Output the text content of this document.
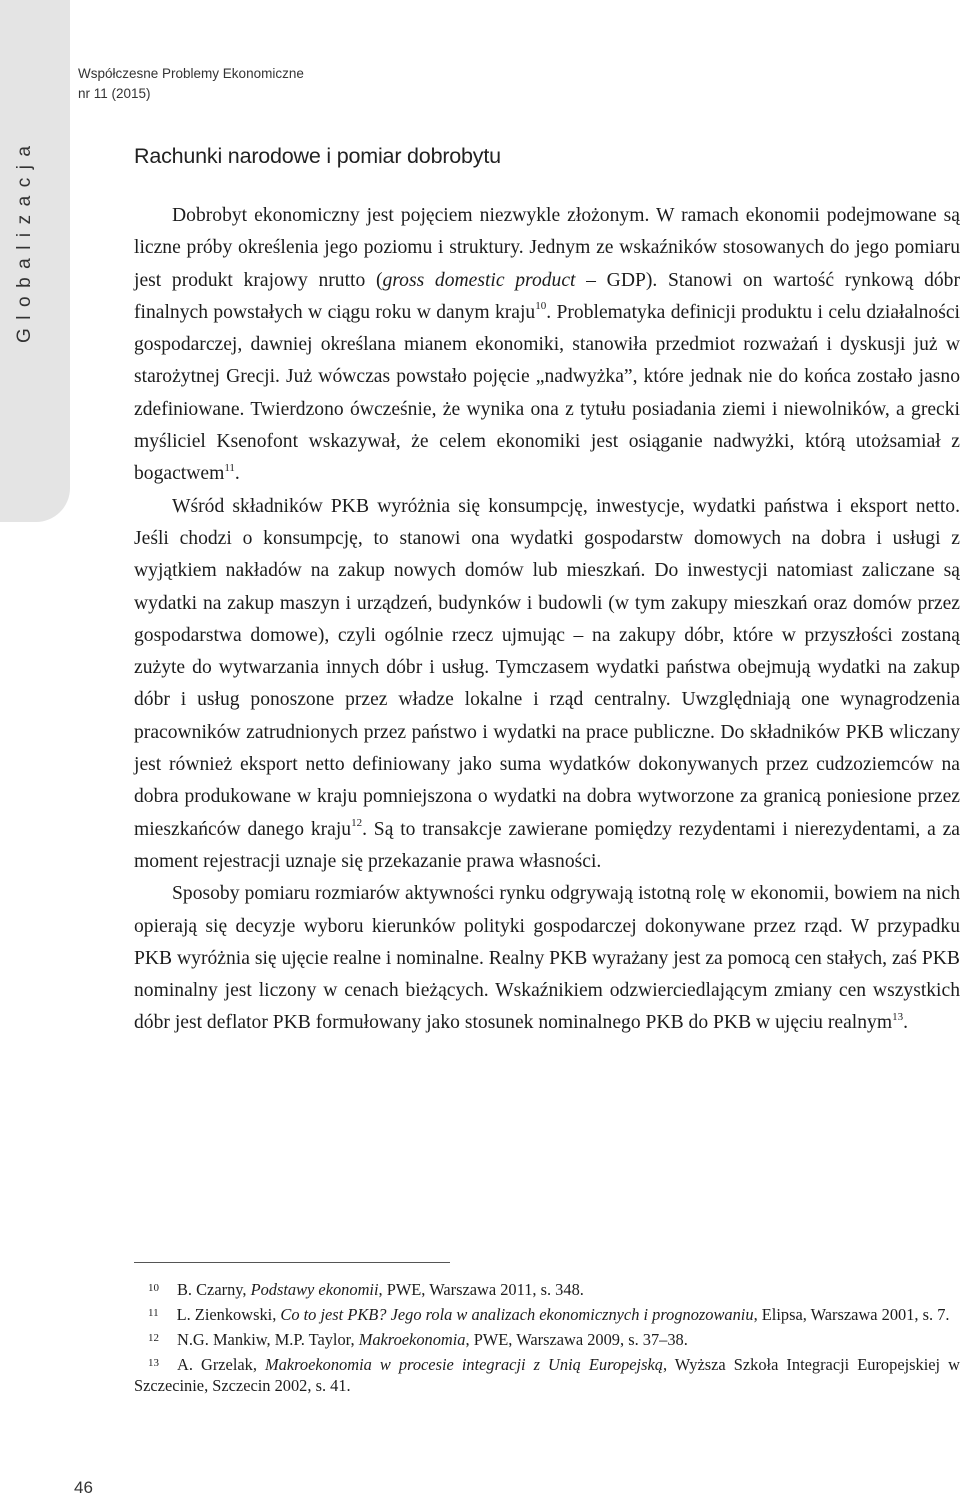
Globalizacja
Współczesne Problemy Ekonomiczne
nr 11 (2015)
Rachunki narodowe i pomiar dobrobytu

Dobrobyt ekonomiczny jest pojęciem niezwykle złożonym. W ramach ekonomii podejmowane są liczne próby określenia jego poziomu i struktury. Jednym ze wskaźników stosowanych do jego pomiaru jest produkt krajowy nrutto (gross domestic product – GDP). Stanowi on wartość rynkową dóbr finalnych powstałych w ciągu roku w danym kraju$^{10}$. Problematyka definicji produktu i celu działalności gospodarczej, dawniej określana mianem ekonomiki, stanowiła przedmiot rozważań i dyskusji już w starożytnej Grecji. Już wówczas powstało pojęcie „nadwyżka”, które jednak nie do końca zostało jasno zdefiniowane. Twierdzono ówcześnie, że wynika ona z tytułu posiadania ziemi i niewolników, a grecki myśliciel Ksenofont wskazywał, że celem ekonomiki jest osiąganie nadwyżki, którą utożsamiał z bogactwem$^{11}$.

Wśród składników PKB wyróżnia się konsumpcję, inwestycje, wydatki państwa i eksport netto. Jeśli chodzi o konsumpcję, to stanowi ona wydatki gospodarstw domowych na dobra i usługi z wyjątkiem nakładów na zakup nowych domów lub mieszkań. Do inwestycji natomiast zaliczane są wydatki na zakup maszyn i urządzeń, budynków i budowli (w tym zakupy mieszkań oraz domów przez gospodarstwa domowe), czyli ogólnie rzecz ujmując – na zakupy dóbr, które w przyszłości zostaną zużyte do wytwarzania innych dóbr i usług. Tymczasem wydatki państwa obejmują wydatki na zakup dóbr i usług ponoszone przez władze lokalne i rząd centralny. Uwzględniają one wynagrodzenia pracowników zatrudnionych przez państwo i wydatki na prace publiczne. Do składników PKB wliczany jest również eksport netto definiowany jako suma wydatków dokonywanych przez cudzoziemców na dobra produkowane w kraju pomniejszona o wydatki na dobra wytworzone za granicą poniesione przez mieszkańców danego kraju$^{12}$. Są to transakcje zawierane pomiędzy rezydentami i nierezydentami, a za moment rejestracji uznaje się przekazanie prawa własności.

Sposoby pomiaru rozmiarów aktywności rynku odgrywają istotną rolę w ekonomii, bowiem na nich opierają się decyzje wyboru kierunków polityki gospodarczej dokonywane przez rząd. W przypadku PKB wyróżnia się ujęcie realne i nominalne. Realny PKB wyrażany jest za pomocą cen stałych, zaś PKB nominalny jest liczony w cenach bieżących. Wskaźnikiem odzwierciedlającym zmiany cen wszystkich dóbr jest deflator PKB formułowany jako stosunek nominalnego PKB do PKB w ujęciu realnym$^{13}$.

$^{10}$ B. Czarny, Podstawy ekonomii, PWE, Warszawa 2011, s. 348.

$^{11}$ L. Zienkowski, Co to jest PKB? Jego rola w analizach ekonomicznych i prognozowaniu, Elipsa, Warszawa 2001, s. 7.

$^{12}$ N.G. Mankiw, M.P. Taylor, Makroekonomia, PWE, Warszawa 2009, s. 37–38.

$^{13}$ A. Grzelak, Makroekonomia w procesie integracji z Unią Europejską, Wyższa Szkoła Integracji Europejskiej w Szczecinie, Szczecin 2002, s. 41.

46
